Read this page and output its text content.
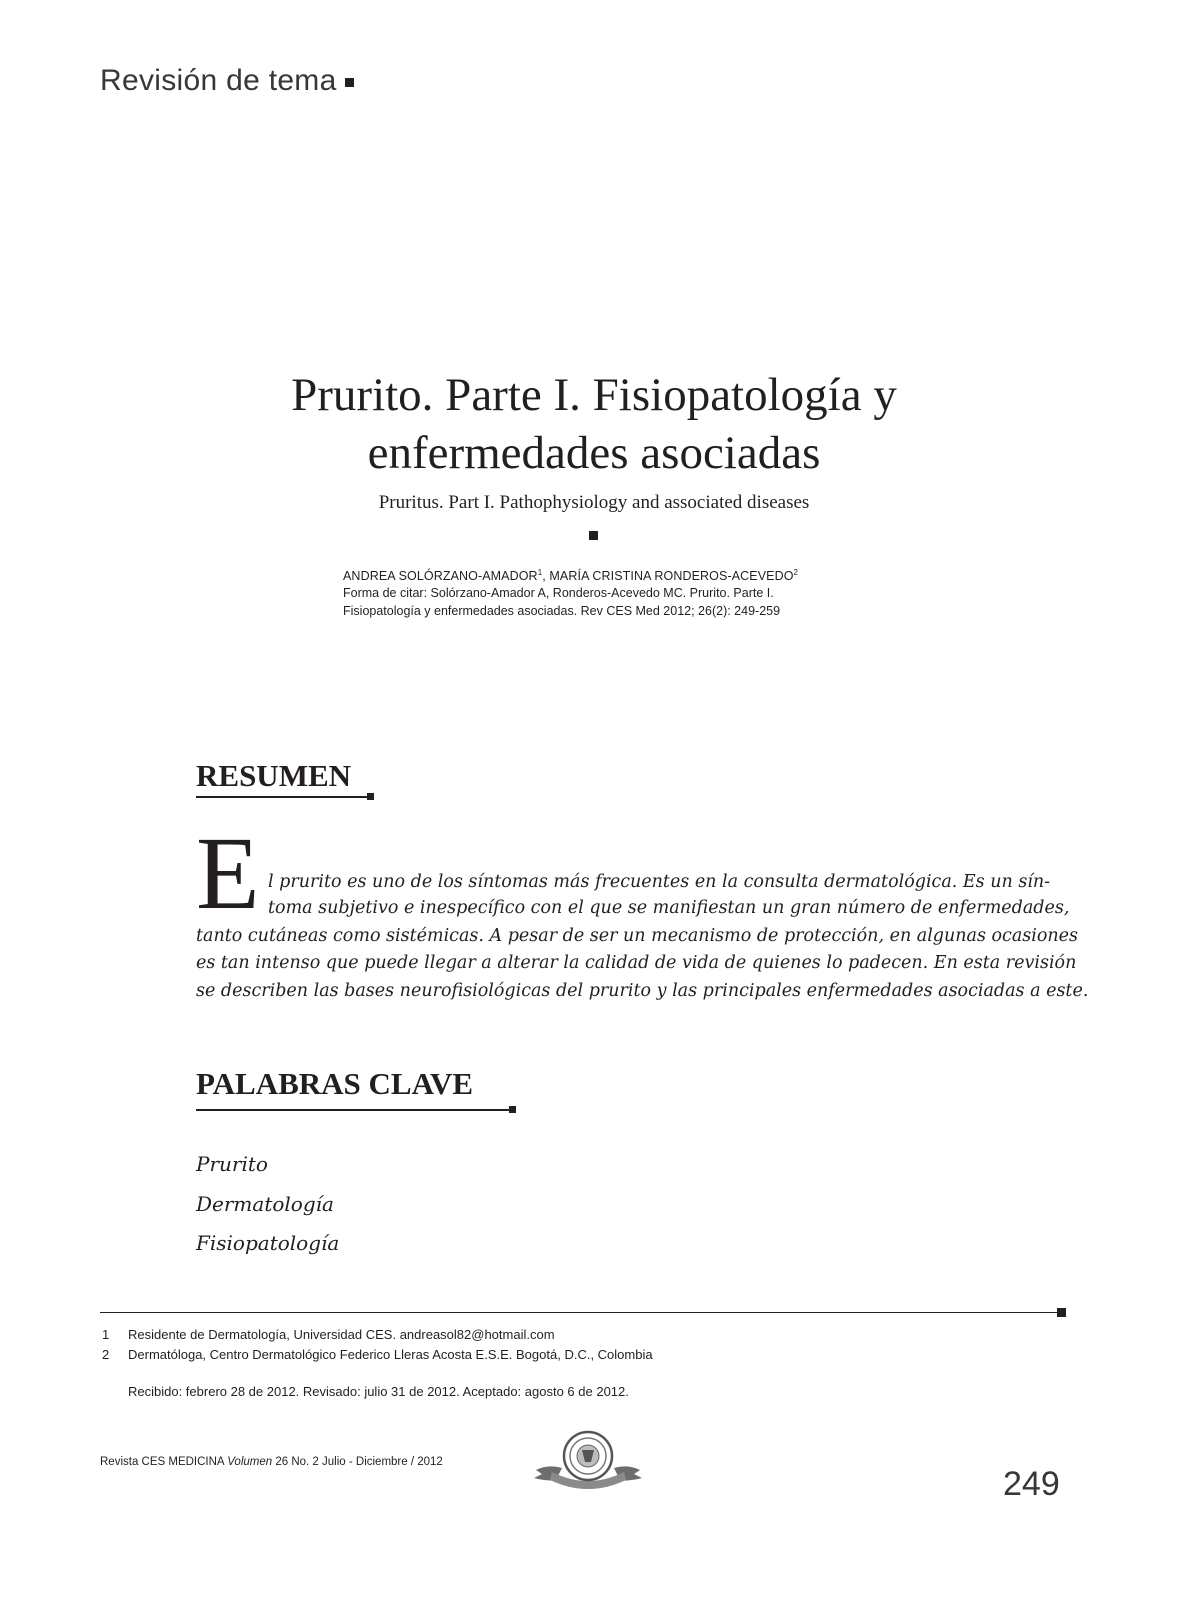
Revisión de tema
Prurito. Parte I. Fisiopatología y
enfermedades asociadas
Pruritus. Part I. Pathophysiology and associated diseases
ANDREA SOLÓRZANO-AMADOR$^1$, MARÍA CRISTINA RONDEROS-ACEVEDO$^2$
Forma de citar: Solórzano-Amador A, Ronderos-Acevedo MC. Prurito. Parte I.
Fisiopatología y enfermedades asociadas. Rev CES Med 2012; 26(2): 249-259
RESUMEN
E l prurito es uno de los síntomas más frecuentes en la consulta dermatológica. Es un sín-
toma subjetivo e inespecífico con el que se manifiestan un gran número de enfermedades,
tanto cutáneas como sistémicas. A pesar de ser un mecanismo de protección, en algunas ocasiones
es tan intenso que puede llegar a alterar la calidad de vida de quienes lo padecen. En esta revisión
se describen las bases neurofisiológicas del prurito y las principales enfermedades asociadas a este.
PALABRAS CLAVE
Prurito
Dermatología
Fisiopatología
1 Residente de Dermatología, Universidad CES. andreasol82@hotmail.com
2 Dermatóloga, Centro Dermatológico Federico Lleras Acosta E.S.E. Bogotá, D.C., Colombia
Recibido: febrero 28 de 2012. Revisado: julio 31 de 2012. Aceptado: agosto 6 de 2012.
Revista CES MEDICINA Volumen 26 No. 2 Julio - Diciembre / 2012
249
